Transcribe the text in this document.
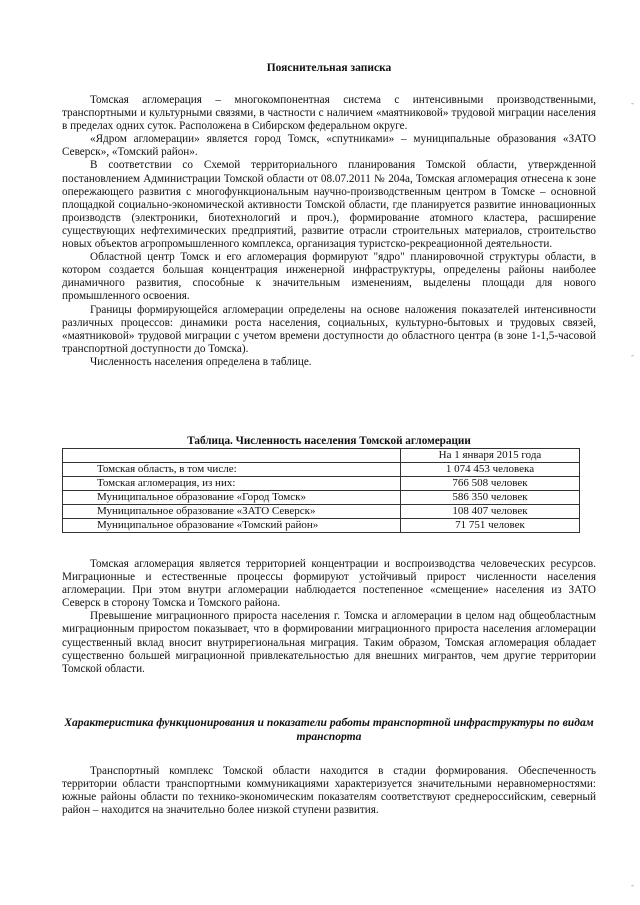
Пояснительная записка

Томская агломерация – многокомпонентная система с интенсивными производственными, транспортными и культурными связями, в частности с наличием «маятниковой» трудовой миграции населения в пределах одних суток. Расположена в Сибирском федеральном округе.

«Ядром агломерации» является город Томск, «спутниками» – муниципальные образования «ЗАТО Северск», «Томский район».

В соответствии со Схемой территориального планирования Томской области, утвержденной постановлением Администрации Томской области от 08.07.2011 № 204а, Томская агломерация отнесена к зоне опережающего развития с многофункциональным научно-производственным центром в Томске – основной площадкой социально-экономической активности Томской области, где планируется развитие инновационных производств (электроники, биотехнологий и проч.), формирование атомного кластера, расширение существующих нефтехимических предприятий, развитие отрасли строительных материалов, строительство новых объектов агропромышленного комплекса, организация туристско-рекреационной деятельности.

Областной центр Томск и его агломерация формируют "ядро" планировочной структуры области, в котором создается большая концентрация инженерной инфраструктуры, определены районы наиболее динамичного развития, способные к значительным изменениям, выделены площади для нового промышленного освоения.

Границы формирующейся агломерации определены на основе наложения показателей интенсивности различных процессов: динамики роста населения, социальных, культурно-бытовых и трудовых связей, «маятниковой» трудовой миграции с учетом времени доступности до областного центра (в зоне 1-1,5-часовой транспортной доступности до Томска).

Численность населения определена в таблице.

Таблица. Численность населения Томской агломерации
	На 1 января 2015 года
Томская область, в том числе:	1 074 453 человека
Томская агломерация, из них:	766 508 человек
Муниципальное образование «Город Томск»	586 350 человек
Муниципальное образование «ЗАТО Северск»	108 407 человек
Муниципальное образование «Томский район»	71 751 человек

Томская агломерация является территорией концентрации и воспроизводства человеческих ресурсов. Миграционные и естественные процессы формируют устойчивый прирост численности населения агломерации. При этом внутри агломерации наблюдается постепенное «смещение» населения из ЗАТО Северск в сторону Томска и Томского района.

Превышение миграционного прироста населения г. Томска и агломерации в целом над общеобластным миграционным приростом показывает, что в формировании миграционного прироста населения агломерации существенный вклад вносит внутрирегиональная миграция. Таким образом, Томская агломерация обладает существенно большей миграционной привлекательностью для внешних мигрантов, чем другие территории Томской области.

Характеристика функционирования и показатели работы транспортной инфраструктуры по видам транспорта

Транспортный комплекс Томской области находится в стадии формирования. Обеспеченность территории области транспортными коммуникациями характеризуется значительными неравномерностями: южные районы области по технико-экономическим показателям соответствуют среднероссийским, северный район – находится на значительно более низкой ступени развития.

-
-
-
